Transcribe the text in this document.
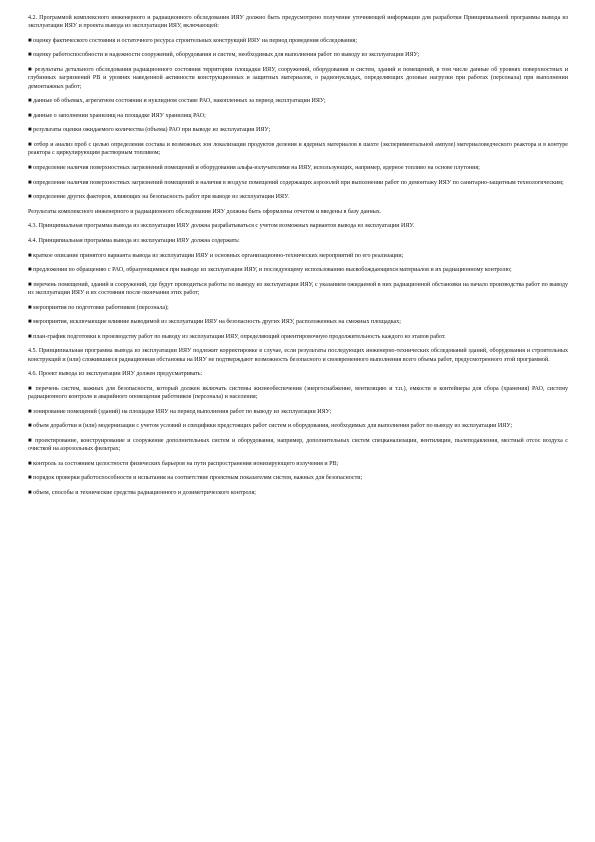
4.2. Программой комплексного инженерного и радиационного обследования ИЯУ должно быть предусмотрено получение уточняющей информации для разработки Принципиальной программы вывода из эксплуатации ИЯУ и проекта вывода из эксплуатации ИЯУ, включающей:

■ оценку фактического состояния и остаточного ресурса строительных конструкций ИЯУ на период проведения обследования;

■ оценку работоспособности и надежности сооружений, оборудования и систем, необходимых для выполнения работ по выводу из эксплуатации ИЯУ;

■ результаты детального обследования радиационного состояния территории площадки ИЯУ, сооружений, оборудования и систем, зданий и помещений, в том числе данные об уровнях поверхностных и глубинных загрязнений РВ и уровнях наведенной активности конструкционных и защитных материалов, о радионуклидах, определяющих дозовые нагрузки при работах (персонала) при выполнении демонтажных работ;

■ данные об объемах, агрегатном состоянии и нуклидном составе РАО, накопленных за период эксплуатации ИЯУ;

■ данные о заполнении хранилищ на площадке ИЯУ хранилищ РАО;

■ результаты оценки ожидаемого количества (объема) РАО при выводе из эксплуатации ИЯУ;

■ отбор и анализ проб с целью определения состава и возможных зон локализации продуктов деления и ядерных материалов в шахте (экспериментальной ампуле) материаловедческого реактора и в контуре реактора с циркулирующим растворным топливом;

■ определение наличия поверхностных загрязнений помещений и оборудования альфа-излучателями на ИЯУ, использующих, например, ядерное топливо на основе плутония;

■ определение наличия поверхностных загрязнений помещений и наличия в воздухе помещений содержащих аэрозолей при выполнении работ по демонтажу ИЯУ по санитарно-защитным технологическим;

■ определение других факторов, влияющих на безопасность работ при выводе из эксплуатации ИЯУ.

Результаты комплексного инженерного и радиационного обследования ИЯУ должны быть оформлены отчетом и введены в базу данных.

4.3. Принципиальная программа вывода из эксплуатации ИЯУ должна разрабатываться с учетом возможных вариантов вывода из эксплуатации ИЯУ.

4.4. Принципиальная программа вывода из эксплуатации ИЯУ должна содержать:

■ краткое описание принятого варианта вывода из эксплуатации ИЯУ и основных организационно-технических мероприятий по его реализации;

■ предложения по обращению с РАО, образующимися при выводе из эксплуатации ИЯУ, и последующему использованию высвобождающихся материалов и их радиационному контролю;

■ перечень помещений, зданий и сооружений, где будут проводиться работы по выводу из эксплуатации ИЯУ, с указанием ожидаемой в них радиационной обстановки на начало производства работ по выводу из эксплуатации ИЯУ и их состояния после окончания этих работ;

■ мероприятия по подготовке работников (персонала);

■ мероприятия, исключающие влияние выводимой из эксплуатации ИЯУ на безопасность других ИЯУ, расположенных на смежных площадках;

■ план-график подготовки к производству работ по выводу из эксплуатации ИЯУ, определяющий ориентировочную продолжительность каждого из этапов работ.

4.5. Принципиальная программа вывода из эксплуатации ИЯУ подлежит корректировке в случае, если результаты последующих инженерно-технических обследований зданий, оборудования и строительных конструкций и (или) сложившиеся радиационная обстановка на ИЯУ не подтверждают возможность безопасного и своевременного выполнения всего объема работ, предусмотренного этой программой.

4.6. Проект вывода из эксплуатации ИЯУ должен предусматривать:

■ перечень систем, важных для безопасности, который должен включать системы жизнеобеспечения (энергоснабжение, вентиляцию и т.п.), емкости и контейнеры для сбора (хранения) РАО, систему радиационного контроля и аварийного оповещения работников (персонала) и населения;

■ зонирование помещений (зданий) на площадке ИЯУ на период выполнения работ по выводу из эксплуатации ИЯУ;

■ объем доработки и (или) модернизации с учетом условий и специфики предстоящих работ систем и оборудования, необходимых для выполнения работ по выводу из эксплуатации ИЯУ;

■ проектирование, конструирование и сооружение дополнительных систем и оборудования, например, дополнительных систем спецканализации, вентиляции, пылеподавления, местный отсос воздуха с очисткой на аэрозольных фильтрах;

■ контроль за состоянием целостности физических барьеров на пути распространения ионизирующего излучения и РВ;

■ порядок проверки работоспособности и испытания на соответствие проектным показателям систем, важных для безопасности;

■ объем, способы и технические средства радиационного и дозиметрического контроля;
